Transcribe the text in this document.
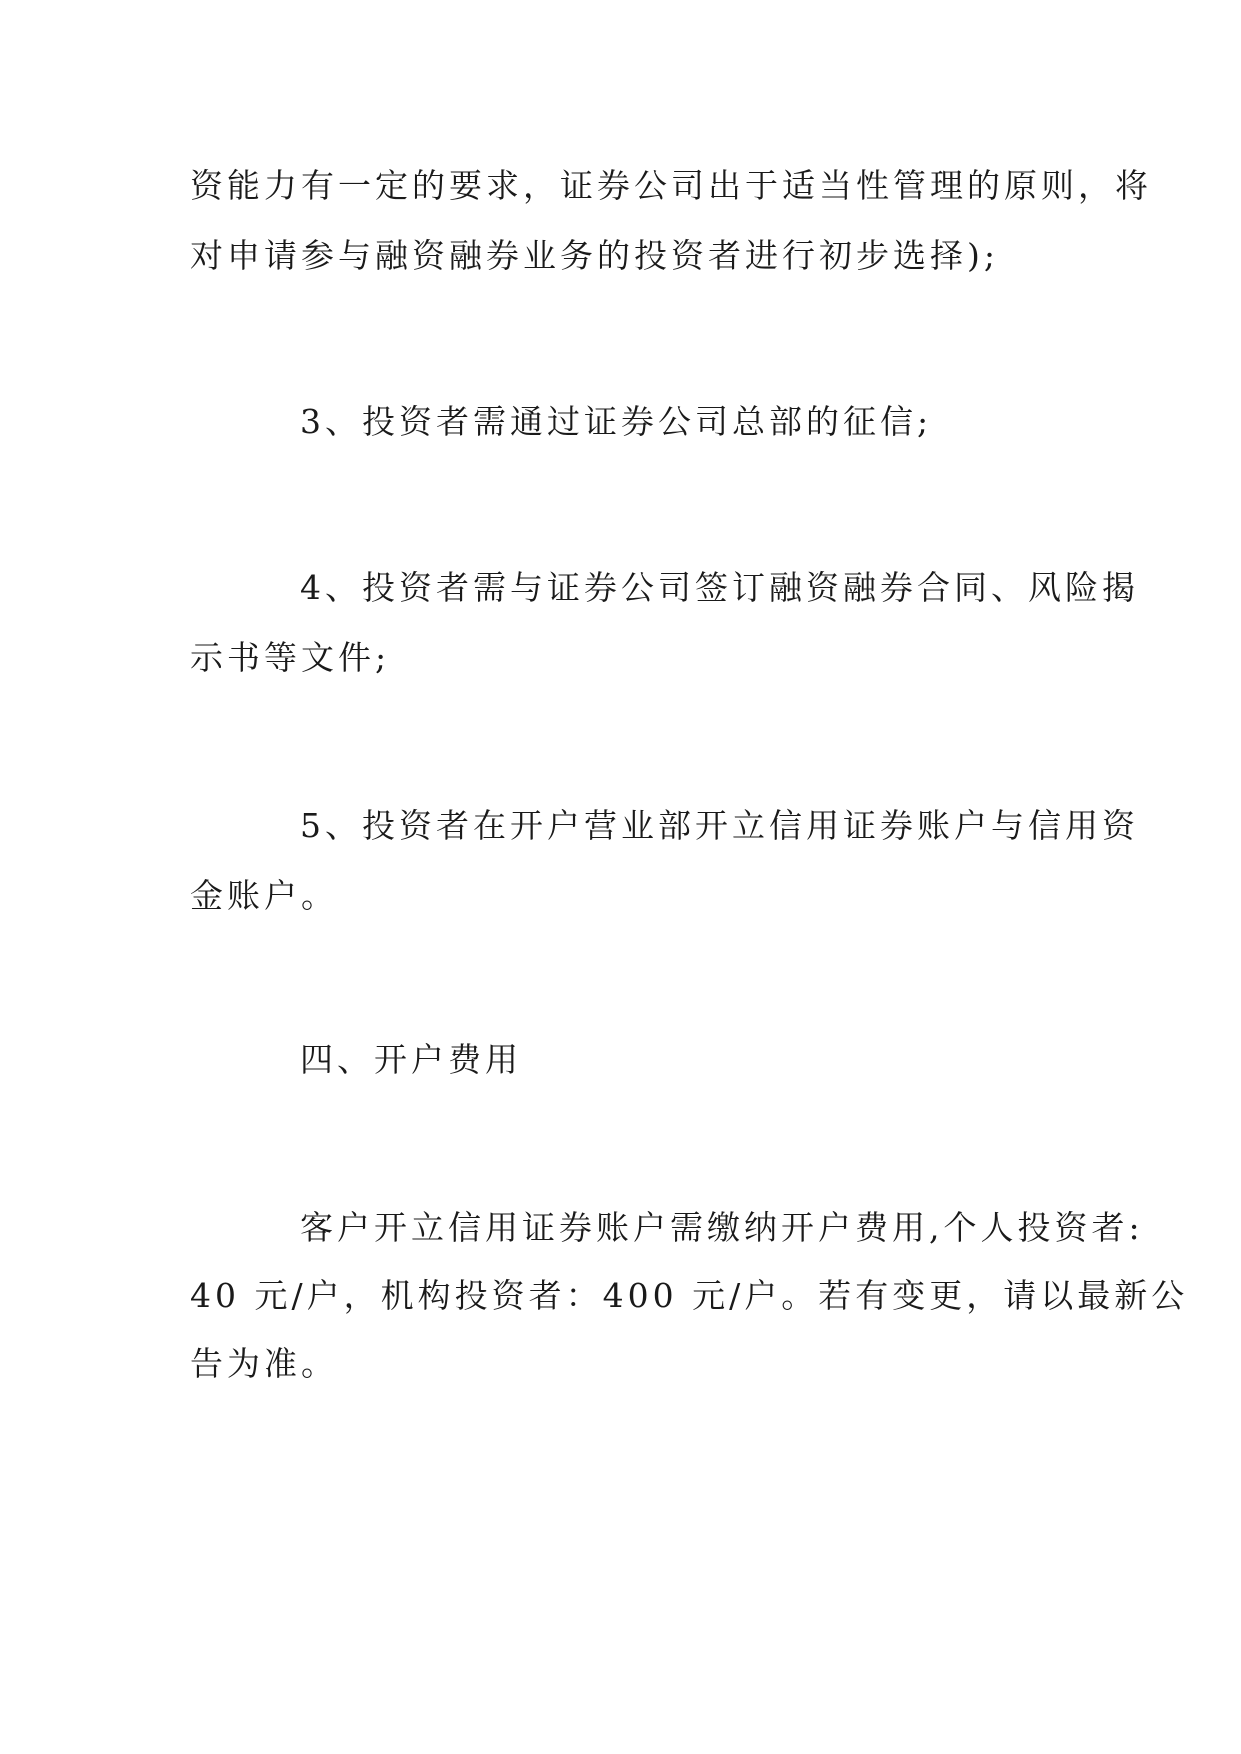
资能力有一定的要求，证券公司出于适当性管理的原则，将
对申请参与融资融券业务的投资者进行初步选择);
3、投资者需通过证券公司总部的征信;
4、投资者需与证券公司签订融资融券合同、风险揭
示书等文件;
5、投资者在开户营业部开立信用证券账户与信用资
金账户。
四、开户费用
客户开立信用证券账户需缴纳开户费用,个人投资者:
40 元/户，机构投资者：400 元/户。若有变更，请以最新公
告为准。
